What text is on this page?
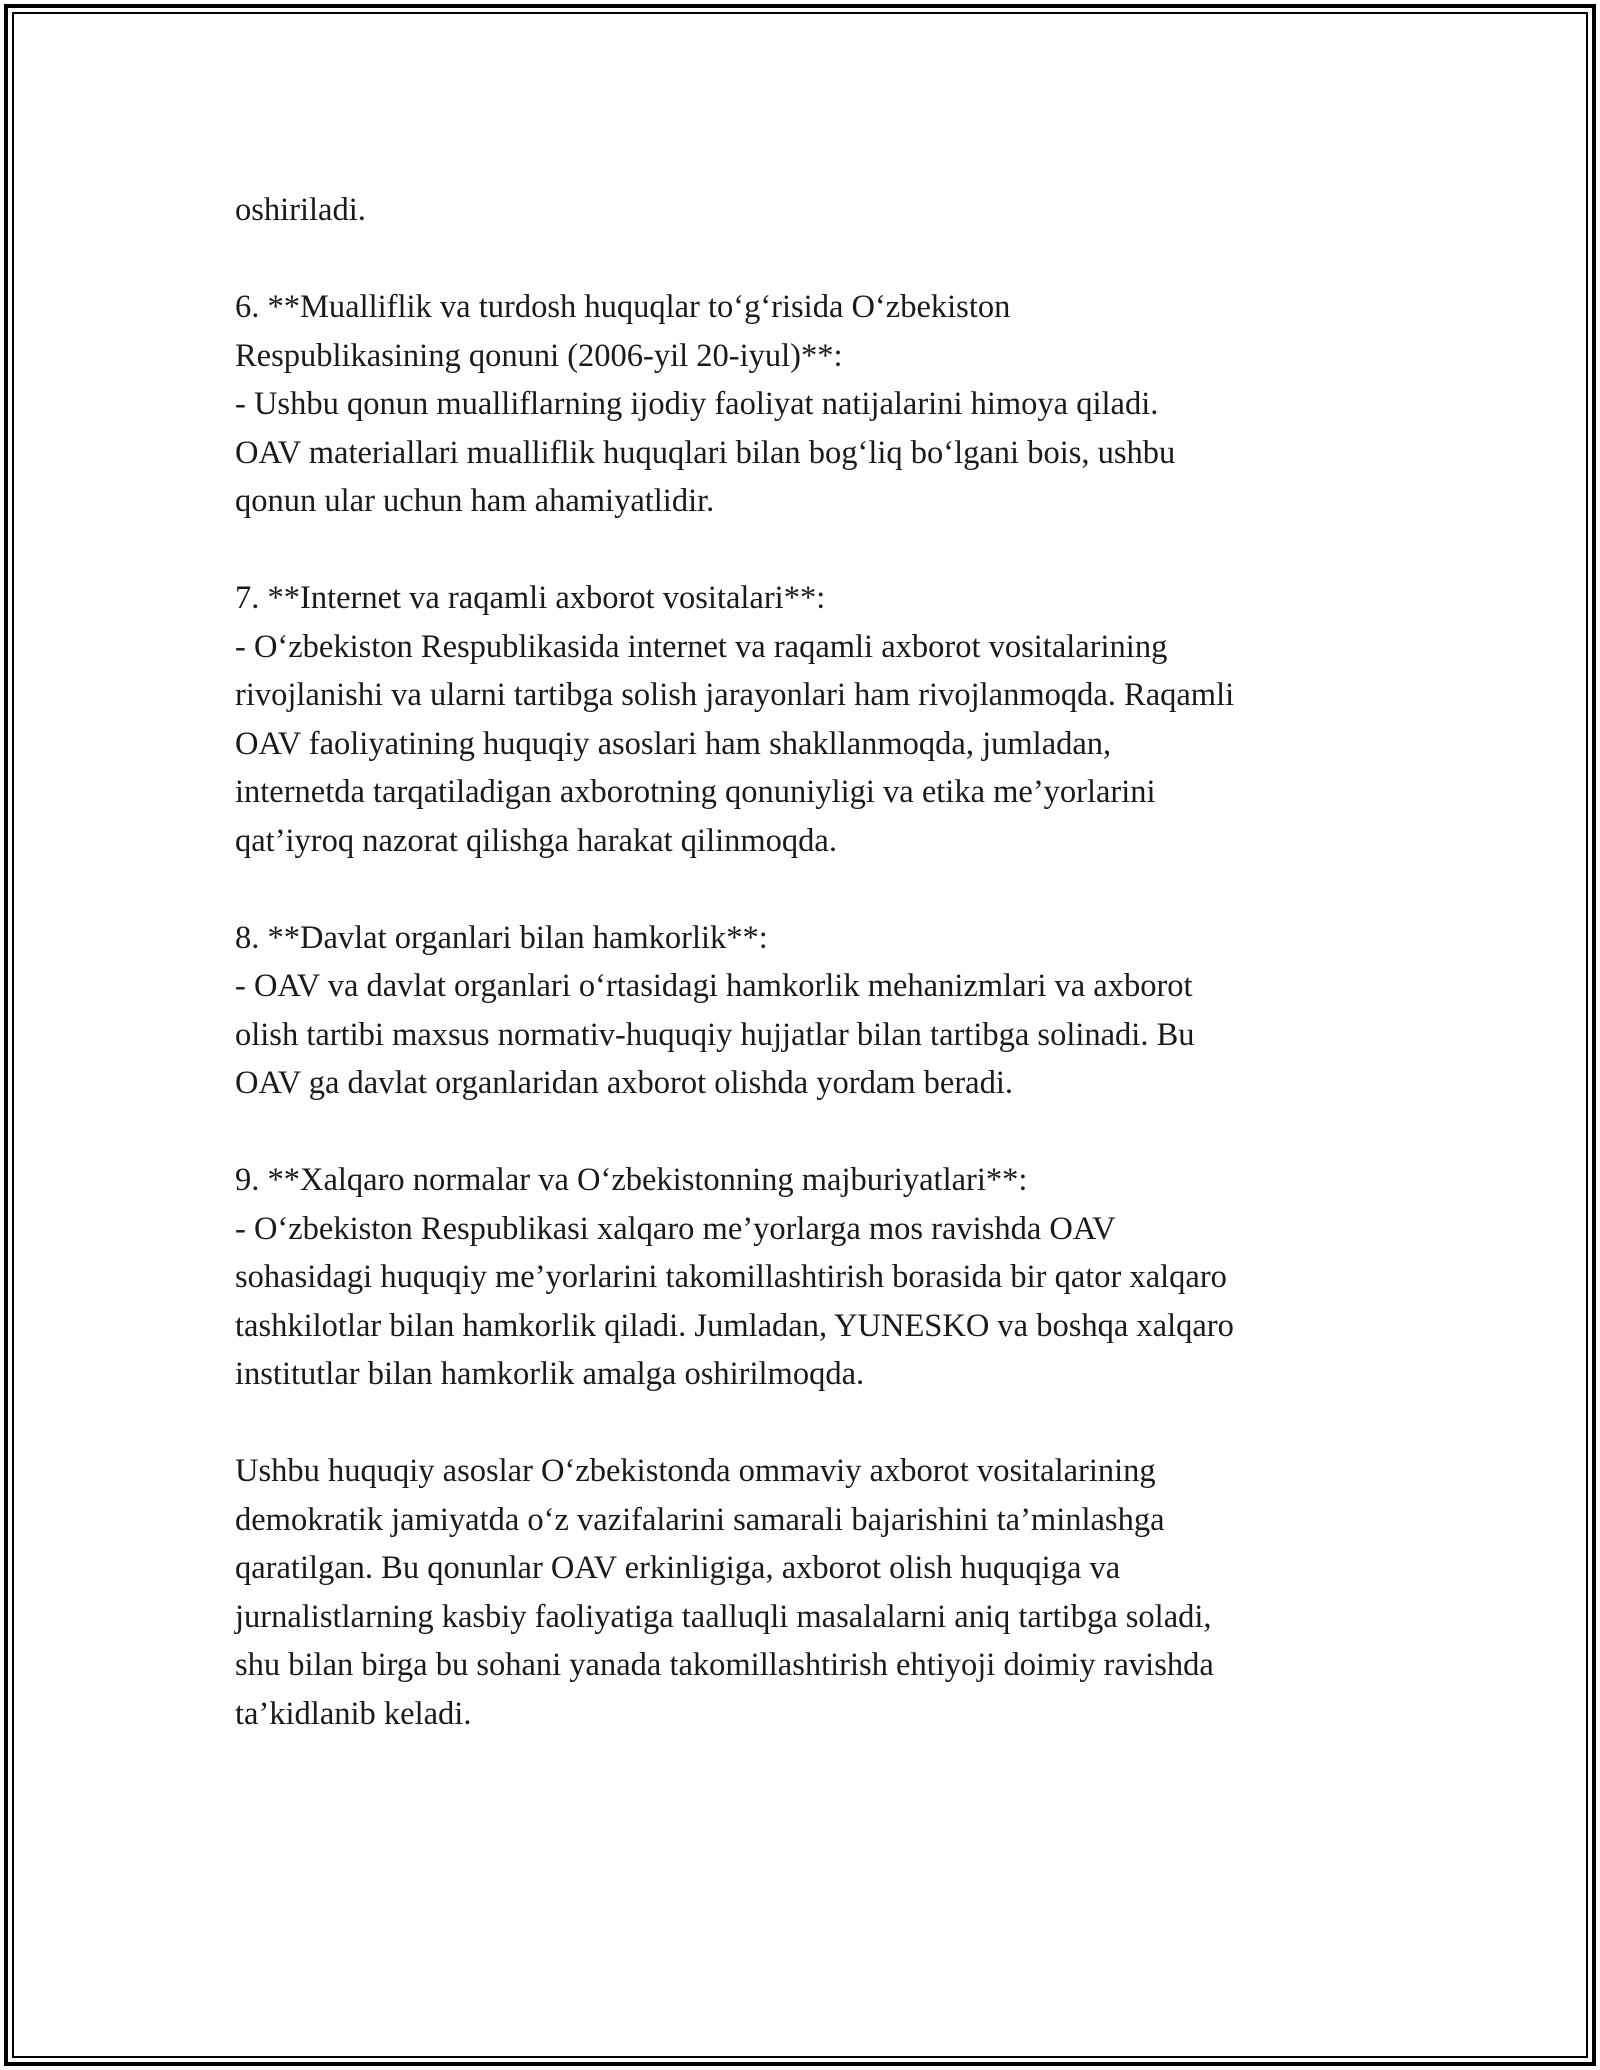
oshiriladi.

6. **Mualliflik va turdosh huquqlar to‘g‘risida O‘zbekiston
Respublikasining qonuni (2006-yil 20-iyul)**:
- Ushbu qonun mualliflarning ijodiy faoliyat natijalarini himoya qiladi.
OAV materiallari mualliflik huquqlari bilan bog‘liq bo‘lgani bois, ushbu
qonun ular uchun ham ahamiyatlidir.

7. **Internet va raqamli axborot vositalari**:
- O‘zbekiston Respublikasida internet va raqamli axborot vositalarining
rivojlanishi va ularni tartibga solish jarayonlari ham rivojlanmoqda. Raqamli
OAV faoliyatining huquqiy asoslari ham shakllanmoqda, jumladan,
internetda tarqatiladigan axborotning qonuniyligi va etika me’yorlarini
qat’iyroq nazorat qilishga harakat qilinmoqda.

8. **Davlat organlari bilan hamkorlik**:
- OAV va davlat organlari o‘rtasidagi hamkorlik mehanizmlari va axborot
olish tartibi maxsus normativ-huquqiy hujjatlar bilan tartibga solinadi. Bu
OAV ga davlat organlaridan axborot olishda yordam beradi.

9. **Xalqaro normalar va O‘zbekistonning majburiyatlari**:
- O‘zbekiston Respublikasi xalqaro me’yorlarga mos ravishda OAV
sohasidagi huquqiy me’yorlarini takomillashtirish borasida bir qator xalqaro
tashkilotlar bilan hamkorlik qiladi. Jumladan, YUNESKO va boshqa xalqaro
institutlar bilan hamkorlik amalga oshirilmoqda.

Ushbu huquqiy asoslar O‘zbekistonda ommaviy axborot vositalarining
demokratik jamiyatda o‘z vazifalarini samarali bajarishini ta’minlashga
qaratilgan. Bu qonunlar OAV erkinligiga, axborot olish huquqiga va
jurnalistlarning kasbiy faoliyatiga taalluqli masalalarni aniq tartibga soladi,
shu bilan birga bu sohani yanada takomillashtirish ehtiyoji doimiy ravishda
ta’kidlanib keladi.
